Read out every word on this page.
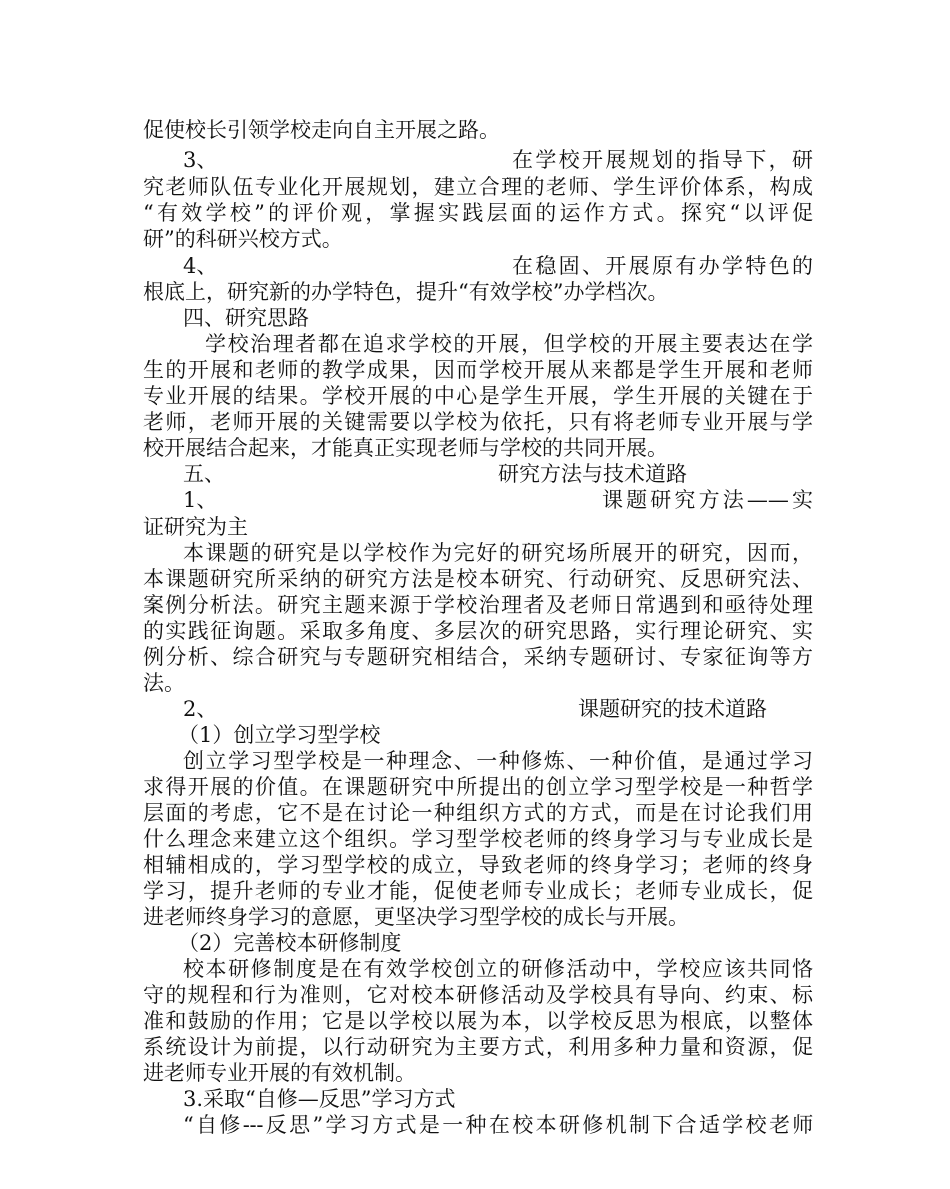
促使校长引领学校走向自主开展之路。
3、	在学校开展规划的指导下，研
究老师队伍专业化开展规划，建立合理的老师、学生评价体系，构成
“有效学校”的评价观，掌握实践层面的运作方式。探究“以评促
研”的科研兴校方式。
4、	在稳固、开展原有办学特色的
根底上，研究新的办学特色，提升“有效学校”办学档次。
四、研究思路
学校治理者都在追求学校的开展，但学校的开展主要表达在学
生的开展和老师的教学成果，因而学校开展从来都是学生开展和老师
专业开展的结果。学校开展的中心是学生开展，学生开展的关键在于
老师，老师开展的关键需要以学校为依托，只有将老师专业开展与学
校开展结合起来，才能真正实现老师与学校的共同开展。
五、	研究方法与技术道路
1、	课题研究方法——实
证研究为主
本课题的研究是以学校作为完好的研究场所展开的研究，因而，
本课题研究所采纳的研究方法是校本研究、行动研究、反思研究法、
案例分析法。研究主题来源于学校治理者及老师日常遇到和亟待处理
的实践征询题。采取多角度、多层次的研究思路，实行理论研究、实
例分析、综合研究与专题研究相结合，采纳专题研讨、专家征询等方
法。
2、	课题研究的技术道路
（1）创立学习型学校
创立学习型学校是一种理念、一种修炼、一种价值，是通过学习
求得开展的价值。在课题研究中所提出的创立学习型学校是一种哲学
层面的考虑，它不是在讨论一种组织方式的方式，而是在讨论我们用
什么理念来建立这个组织。学习型学校老师的终身学习与专业成长是
相辅相成的，学习型学校的成立，导致老师的终身学习；老师的终身
学习，提升老师的专业才能，促使老师专业成长；老师专业成长，促
进老师终身学习的意愿，更坚决学习型学校的成长与开展。
（2）完善校本研修制度
校本研修制度是在有效学校创立的研修活动中，学校应该共同恪
守的规程和行为准则，它对校本研修活动及学校具有导向、约束、标
准和鼓励的作用；它是以学校以展为本，以学校反思为根底，以整体
系统设计为前提，以行动研究为主要方式，利用多种力量和资源，促
进老师专业开展的有效机制。
3.采取“自修—反思”学习方式
“自修---反思”学习方式是一种在校本研修机制下合适学校老师
